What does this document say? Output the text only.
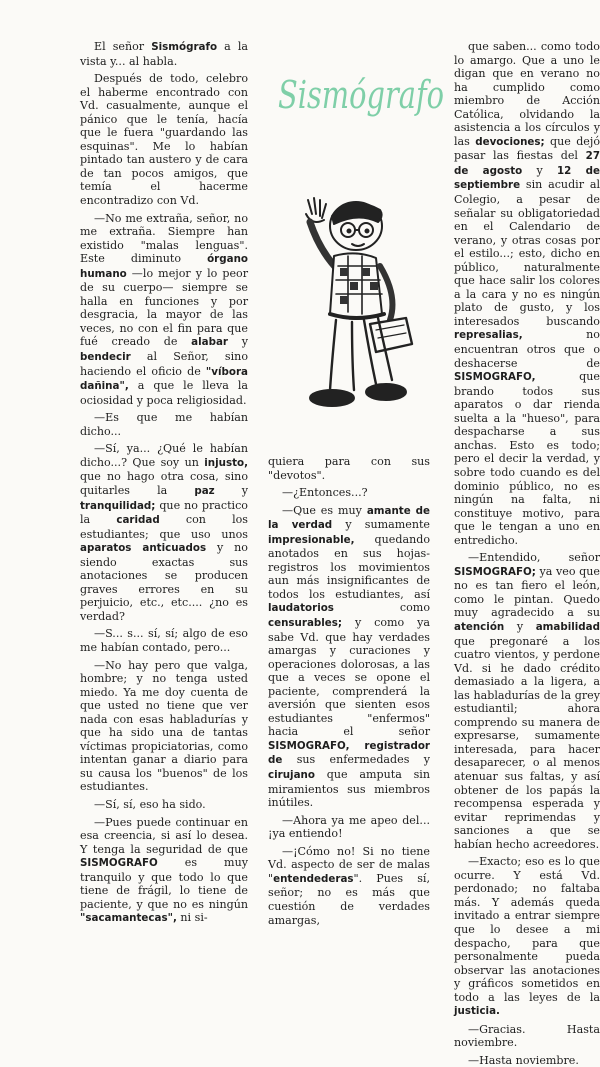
Sismógrafo

El señor Sismógrafo a la vista y... al habla.

Después de todo, celebro el haberme encontrado con Vd. casualmente, aunque el pánico que le tenía, hacía que le fuera "guardando las esquinas". Me lo habían pintado tan austero y de cara de tan pocos amigos, que temía el hacerme encontradizo con Vd.

—No me extraña, señor, no me extraña. Siempre han existido "malas lenguas". Este diminuto órgano humano —lo mejor y lo peor de su cuerpo— siempre se halla en funciones y por desgracia, la mayor de las veces, no con el fin para que fué creado de alabar y bendecir al Señor, sino haciendo el oficio de "víbora dañina", a que le lleva la ociosidad y poca religiosidad.

—Es que me habían dicho...

—Sí, ya... ¿Qué le habían dicho...? Que soy un injusto, que no hago otra cosa, sino quitarles la paz y tranquilidad; que no practico la caridad con los estudiantes; que uso unos aparatos anticuados y no siendo exactas sus anotaciones se producen graves errores en su perjuicio, etc., etc.... ¿no es verdad?

—S... s... sí, sí; algo de eso me habían contado, pero...

—No hay pero que valga, hombre; y no tenga usted miedo. Ya me doy cuenta de que usted no tiene que ver nada con esas habladurías y que ha sido una de tantas víctimas propiciatorias, como intentan ganar a diario para su causa los "buenos" de los estudiantes.

—Sí, sí, eso ha sido.

—Pues puede continuar en esa creencia, si así lo desea. Y tenga la seguridad de que SISMOGRAFO es muy tranquilo y que todo lo que tiene de frágil, lo tiene de paciente, y que no es ningún "sacamantecas", ni si-

quiera para con sus "devotos".

—¿Entonces...?

—Que es muy amante de la verdad y sumamente impresionable, quedando anotados en sus hojas-registros los movimientos aun más insignificantes de todos los estudiantes, así laudatorios como censurables; y como ya sabe Vd. que hay verdades amargas y curaciones y operaciones dolorosas, a las que a veces se opone el paciente, comprenderá la aversión que sienten esos estudiantes "enfermos" hacia el señor SISMOGRAFO, registrador de sus enfermedades y cirujano que amputa sin miramientos sus miembros inútiles.

—Ahora ya me apeo del... ¡ya entiendo!

—¡Cómo no! Si no tiene Vd. aspecto de ser de malas "entendederas". Pues sí, señor; no es más que cuestión de verdades amargas,

que saben... como todo lo amargo. Que a uno le digan que en verano no ha cumplido como miembro de Acción Católica, olvidando la asistencia a los círculos y las devociones; que dejó pasar las fiestas del 27 de agosto y 12 de septiembre sin acudir al Colegio, a pesar de señalar su obligatoriedad en el Calendario de verano, y otras cosas por el estilo...; esto, dicho en público, naturalmente que hace salir los colores a la cara y no es ningún plato de gusto, y los interesados buscando represalias, no encuentran otros que o deshacerse de SISMOGRAFO, que brando todos sus aparatos o dar rienda suelta a la "hueso", para despacharse a sus anchas. Esto es todo; pero el decir la verdad, y sobre todo cuando es del dominio público, no es ningún na falta, ni constituye motivo, para que le tengan a uno en entredicho.

—Entendido, señor SISMOGRAFO; ya veo que no es tan fiero el león, como le pintan. Quedo muy agradecido a su atención y amabilidad que pregonaré a los cuatro vientos, y perdone Vd. si he dado crédito demasiado a la ligera, a las habladurías de la grey estudiantil; ahora comprendo su manera de expresarse, sumamente interesada, para hacer desaparecer, o al menos atenuar sus faltas, y así obtener de los papás la recompensa esperada y evitar reprimendas y sanciones a que se habían hecho acreedores.

—Exacto; eso es lo que ocurre. Y está Vd. perdonado; no faltaba más. Y además queda invitado a entrar siempre que lo desee a mi despacho, para que personalmente pueda observar las anotaciones y gráficos sometidos en todo a las leyes de la justicia.

—Gracias. Hasta noviembre.

—Hasta noviembre.
